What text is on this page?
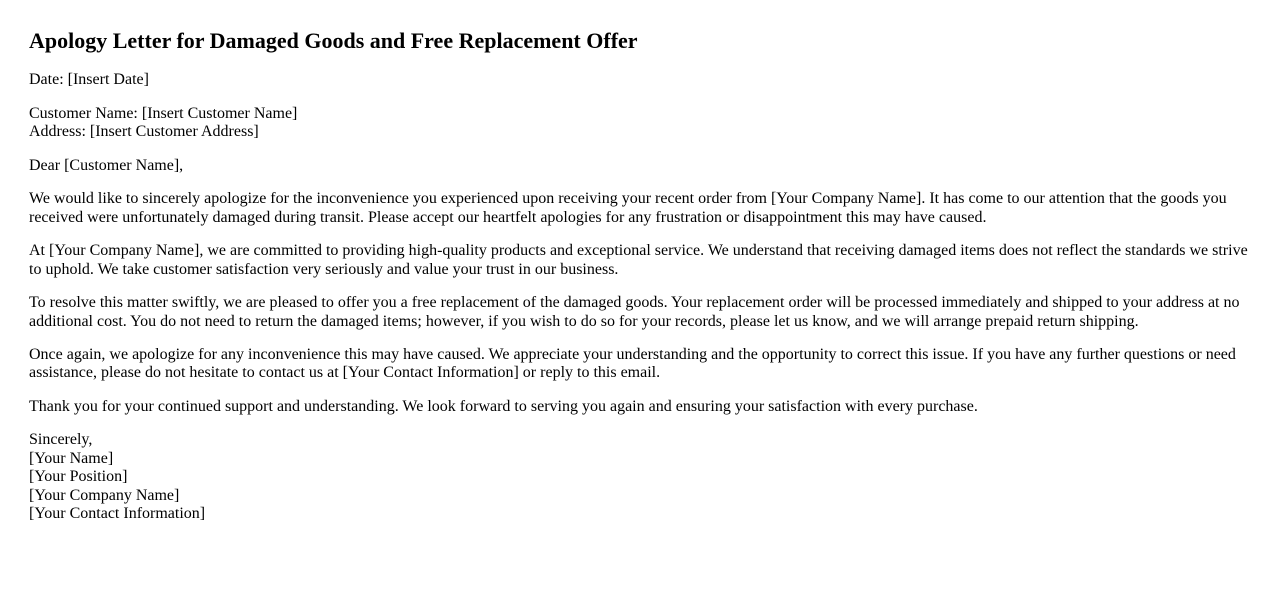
Apology Letter for Damaged Goods and Free Replacement Offer

Date: [Insert Date]

Customer Name: [Insert Customer Name]
Address: [Insert Customer Address]

Dear [Customer Name],

We would like to sincerely apologize for the inconvenience you experienced upon receiving your recent order from [Your Company Name]. It has come to our attention that the goods you received were unfortunately damaged during transit. Please accept our heartfelt apologies for any frustration or disappointment this may have caused.

At [Your Company Name], we are committed to providing high-quality products and exceptional service. We understand that receiving damaged items does not reflect the standards we strive to uphold. We take customer satisfaction very seriously and value your trust in our business.

To resolve this matter swiftly, we are pleased to offer you a free replacement of the damaged goods. Your replacement order will be processed immediately and shipped to your address at no additional cost. You do not need to return the damaged items; however, if you wish to do so for your records, please let us know, and we will arrange prepaid return shipping.

Once again, we apologize for any inconvenience this may have caused. We appreciate your understanding and the opportunity to correct this issue. If you have any further questions or need assistance, please do not hesitate to contact us at [Your Contact Information] or reply to this email.

Thank you for your continued support and understanding. We look forward to serving you again and ensuring your satisfaction with every purchase.

Sincerely,
[Your Name]
[Your Position]
[Your Company Name]
[Your Contact Information]
